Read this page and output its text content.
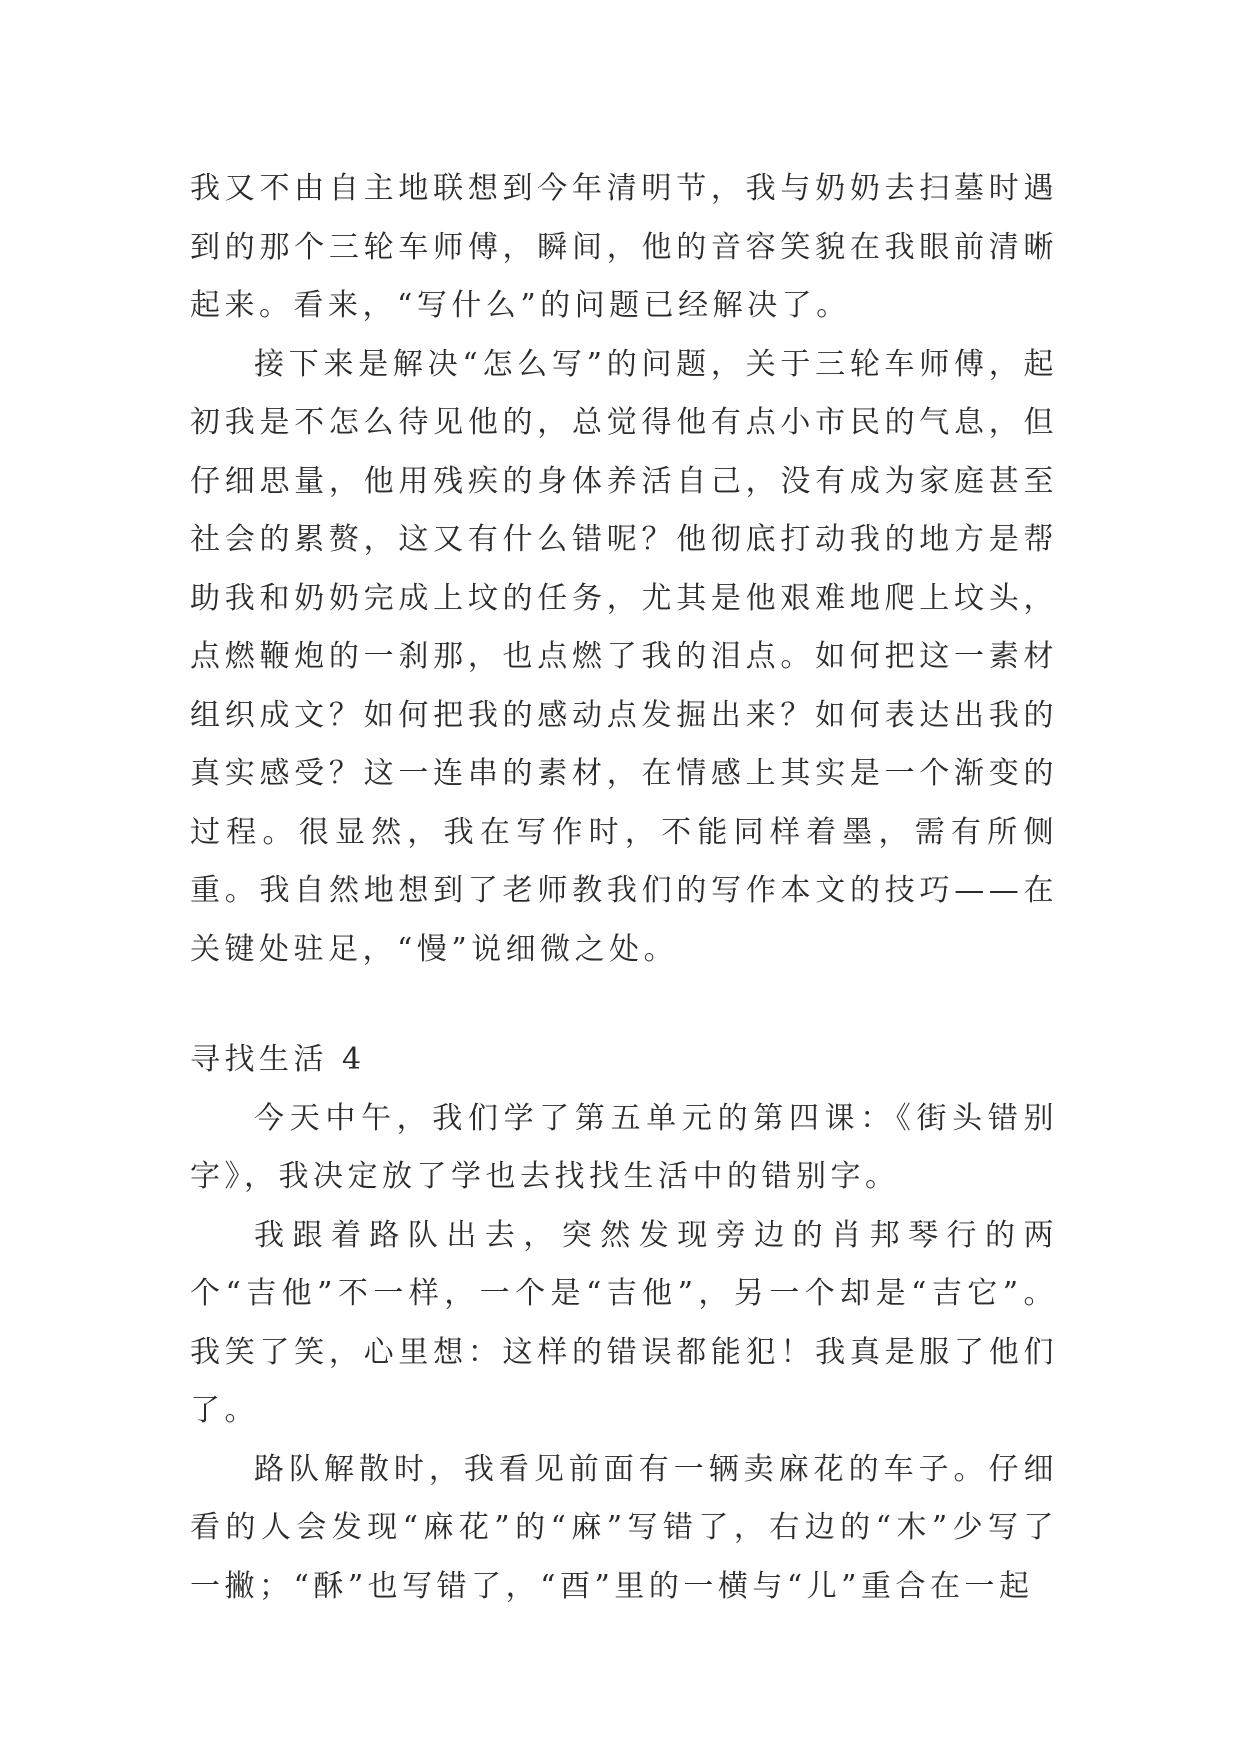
我又不由自主地联想到今年清明节，我与奶奶去扫墓时遇到的那个三轮车师傅，瞬间，他的音容笑貌在我眼前清晰起来。看来，“写什么”的问题已经解决了。

接下来是解决“怎么写”的问题，关于三轮车师傅，起初我是不怎么待见他的，总觉得他有点小市民的气息，但仔细思量，他用残疾的身体养活自己，没有成为家庭甚至社会的累赘，这又有什么错呢？他彻底打动我的地方是帮助我和奶奶完成上坟的任务，尤其是他艰难地爬上坟头，点燃鞭炮的一刹那，也点燃了我的泪点。如何把这一素材组织成文？如何把我的感动点发掘出来？如何表达出我的真实感受？这一连串的素材，在情感上其实是一个渐变的过程。很显然，我在写作时，不能同样着墨，需有所侧重。我自然地想到了老师教我们的写作本文的技巧——在关键处驻足，“慢”说细微之处。

寻找生活 4

今天中午，我们学了第五单元的第四课：《街头错别字》，我决定放了学也去找找生活中的错别字。

我跟着路队出去，突然发现旁边的肖邦琴行的两个“吉他”不一样，一个是“吉他”，另一个却是“吉它”。我笑了笑，心里想：这样的错误都能犯！我真是服了他们了。

路队解散时，我看见前面有一辆卖麻花的车子。仔细看的人会发现“麻花”的“麻”写错了，右边的“木”少写了一撇；“酥”也写错了，“酉”里的一横与“儿”重合在一起
